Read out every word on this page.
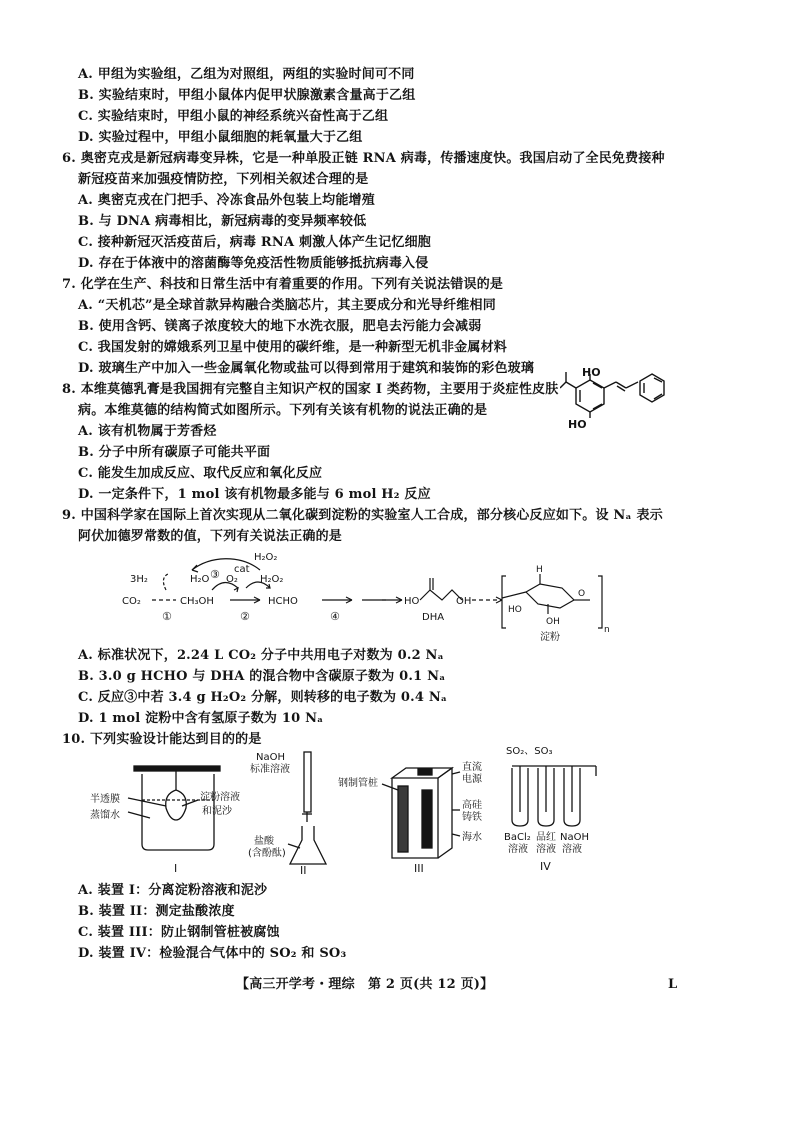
A. 甲组为实验组，乙组为对照组，两组的实验时间可不同
B. 实验结束时，甲组小鼠体内促甲状腺激素含量高于乙组
C. 实验结束时，甲组小鼠的神经系统兴奋性高于乙组
D. 实验过程中，甲组小鼠细胞的耗氧量大于乙组
6. 奥密克戎是新冠病毒变异株，它是一种单股正链 RNA 病毒，传播速度快。我国启动了全民免费接种
新冠疫苗来加强疫情防控，下列相关叙述合理的是
A. 奥密克戎在门把手、冷冻食品外包装上均能增殖
B. 与 DNA 病毒相比，新冠病毒的变异频率较低
C. 接种新冠灭活疫苗后，病毒 RNA 刺激人体产生记忆细胞
D. 存在于体液中的溶菌酶等免疫活性物质能够抵抗病毒入侵
7. 化学在生产、科技和日常生活中有着重要的作用。下列有关说法错误的是
A. “天机芯”是全球首款异构融合类脑芯片，其主要成分和光导纤维相同
B. 使用含钙、镁离子浓度较大的地下水洗衣服，肥皂去污能力会减弱
C. 我国发射的嫦娥系列卫星中使用的碳纤维，是一种新型无机非金属材料
D. 玻璃生产中加入一些金属氧化物或盐可以得到常用于建筑和装饰的彩色玻璃
8. 本维莫德乳膏是我国拥有完整自主知识产权的国家 I 类药物，主要用于炎症性皮肤
病。本维莫德的结构简式如图所示。下列有关该有机物的说法正确的是
A. 该有机物属于芳香烃
B. 分子中所有碳原子可能共平面
C. 能发生加成反应、取代反应和氧化反应
D. 一定条件下，1 mol 该有机物最多能与 6 mol H₂ 反应
HO
HO
9. 中国科学家在国际上首次实现从二氧化碳到淀粉的实验室人工合成，部分核心反应如下。设 Nₐ 表示
阿伏加德罗常数的值，下列有关说法正确的是
H₂O₂
cat
③
3H₂	H₂O O₂ H₂O₂
CO₂
①
CH₃OH
②
HCHO
④
HO	OH
DHA
H
HO
OH
O
n
淀粉
A. 标准状况下，2.24 L CO₂ 分子中共用电子对数为 0.2 Nₐ
B. 3.0 g HCHO 与 DHA 的混合物中含碳原子数为 0.1 Nₐ
C. 反应③中若 3.4 g H₂O₂ 分解，则转移的电子数为 0.4 Nₐ
D. 1 mol 淀粉中含有氢原子数为 10 Nₐ
10. 下列实验设计能达到目的的是
半透膜
蒸馏水
淀粉溶液
和泥沙
I
NaOH
标准溶液
盐酸
(含酚酞)
II
钢制管桩
直流
电源
高硅
铸铁
海水
III
SO₂、SO₃
BaCl₂
溶液
品红
溶液
NaOH
溶液
IV
A. 装置 I：分离淀粉溶液和泥沙
B. 装置 II：测定盐酸浓度
C. 装置 III：防止钢制管桩被腐蚀
D. 装置 IV：检验混合气体中的 SO₂ 和 SO₃
【高三开学考・理综　第 2 页(共 12 页)】	L
